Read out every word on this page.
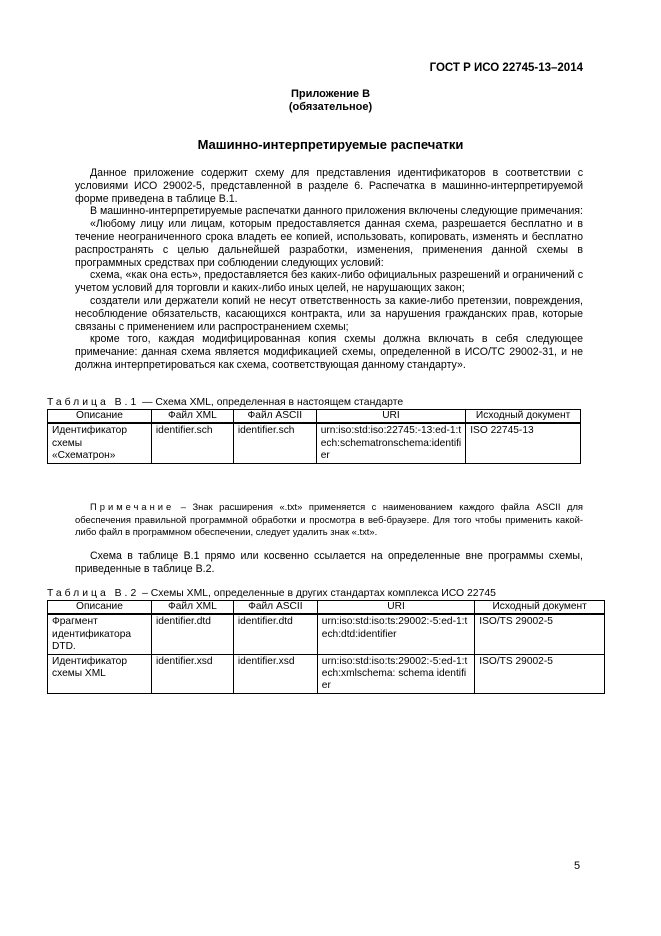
ГОСТ Р ИСО 22745-13–2014
Приложение В
(обязательное)
Машинно-интерпретируемые распечатки

Данное приложение содержит схему для представления идентификаторов в соответствии с условиями ИСО 29002-5, представленной в разделе 6. Распечатка в машинно-интерпретируемой форме приведена в таблице В.1.

В машинно-интерпретируемые распечатки данного приложения включены следующие примечания:

«Любому лицу или лицам, которым предоставляется данная схема, разрешается бесплатно и в течение неограниченного срока владеть ее копией, использовать, копировать, изменять и бесплатно распространять с целью дальнейшей разработки, изменения, применения данной схемы в программных средствах при соблюдении следующих условий:

схема, «как она есть», предоставляется без каких-либо официальных разрешений и ограничений с учетом условий для торговли и каких-либо иных целей, не нарушающих закон;

создатели или держатели копий не несут ответственность за какие-либо претензии, повреждения, несоблюдение обязательств, касающихся контракта, или за нарушения гражданских прав, которые связаны с применением или распространением схемы;

кроме того, каждая модифицированная копия схемы должна включать в себя следующее примечание: данная схема является модификацией схемы, определенной в ИСО/ТС 29002-31, и не должна интерпретироваться как схема, соответствующая данному стандарту».

Таблица В.1 — Схема XML, определенная в настоящем стандарте
Описание	Файл XML	Файл ASCII	URI	Исходный документ
Идентификатор схемы «Схематрон»	identifier.sch	identifier.sch	urn:iso:std:iso:22745:-13:ed-1:tech:schematronschema:identifier	ISO 22745-13

Примечание – Знак расширения «.txt» применяется с наименованием каждого файла ASCII для обеспечения правильной программной обработки и просмотра в веб-браузере. Для того чтобы применить какой-либо файл в программном обеспечении, следует удалить знак «.txt».

Схема в таблице В.1 прямо или косвенно ссылается на определенные вне программы схемы, приведенные в таблице В.2.

Таблица В.2 – Схемы XML, определенные в других стандартах комплекса ИСО 22745
Описание	Файл XML	Файл ASCII	URI	Исходный документ
Фрагмент идентификатора DTD.	identifier.dtd	identifier.dtd	urn:iso:std:iso:ts:29002:-5:ed-1:tech:dtd:identifier	ISO/TS 29002-5
Идентификатор схемы XML	identifier.xsd	identifier.xsd	urn:iso:std:iso:ts:29002:-5:ed-1:tech:xmlschema: schema identifier	ISO/TS 29002-5
5
